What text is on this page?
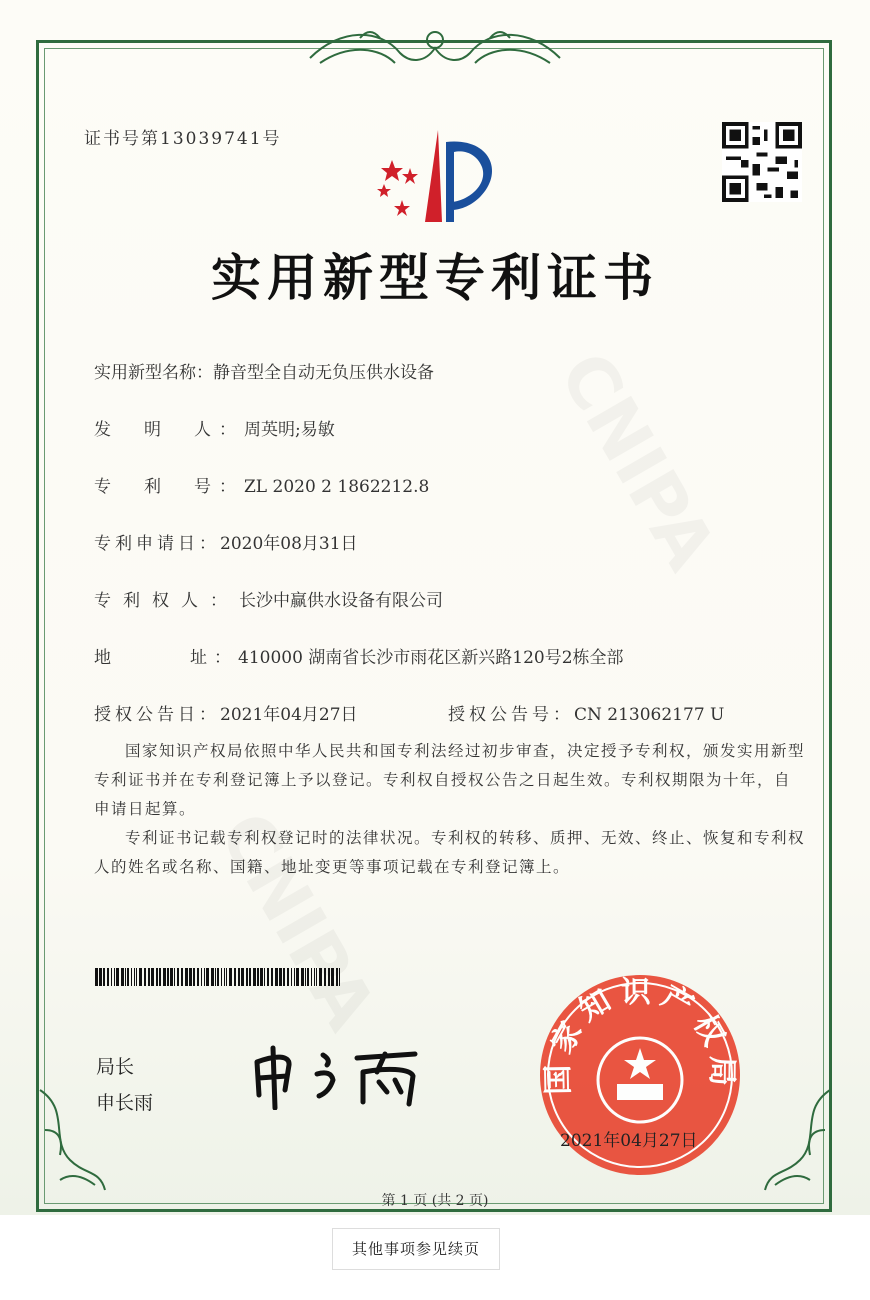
证书号第13039741号
实用新型专利证书
实用新型名称：静音型全自动无负压供水设备
发　明　人：周英明;易敏
专　利　号：ZL 2020 2 1862212.8
专利申请日：2020年08月31日
专利权人：长沙中赢供水设备有限公司
地　　　址：410000 湖南省长沙市雨花区新兴路120号2栋全部
授权公告日：2021年04月27日	授权公告号：CN 213062177 U
国家知识产权局依照中华人民共和国专利法经过初步审查，决定授予专利权，颁发实用新型专利证书并在专利登记簿上予以登记。专利权自授权公告之日起生效。专利权期限为十年，自申请日起算。
专利证书记载专利权登记时的法律状况。专利权的转移、质押、无效、终止、恢复和专利权人的姓名或名称、国籍、地址变更等事项记载在专利登记簿上。
局长
申长雨
国家知识产权局
2021年04月27日
第 1 页 (共 2 页)
其他事项参见续页
